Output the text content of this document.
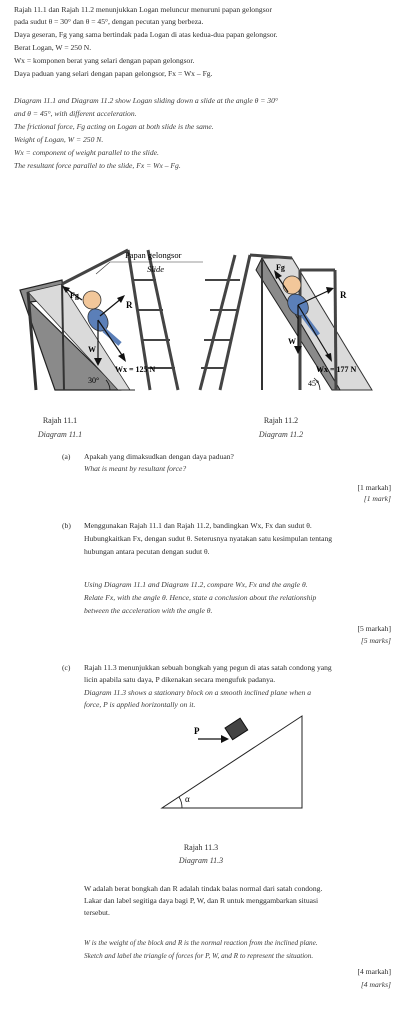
Rajah 11.1 dan Rajah 11.2 menunjukkan Logan meluncur menuruni papan gelongsor
pada sudut θ = 30° dan θ = 45°, dengan pecutan yang berbeza.
Daya geseran, Fg yang sama bertindak pada Logan di atas kedua-dua papan gelongsor.
Berat Logan, W = 250 N.
Wx = komponen berat yang selari dengan papan gelongsor.
Daya paduan yang selari dengan papan gelongsor, Fx = Wx – Fg.
Diagram 11.1 and Diagram 11.2 show Logan sliding down a slide at the angle θ = 30°
and θ = 45°, with different acceleration.
The frictional force, Fg acting on Logan at both slide is the same.
Weight of Logan, W = 250 N.
Wx = component of weight parallel to the slide.
The resultant force parallel to the slide, Fx = Wx – Fg.
Fg
R
W
Wx = 125 N
30°
Papan gelongsor
Slide	Fg
R
W
Wx = 177 N
45°
Rajah 11.1
Diagram 11.1
Rajah 11.2
Diagram 11.2
(a) Apakah yang dimaksudkan dengan daya paduan?
What is meant by resultant force?
[1 markah]
[1 mark]
(b) Menggunakan Rajah 11.1 dan Rajah 11.2, bandingkan Wx, Fx dan sudut θ.
Hubungkaitkan Fx, dengan sudut θ. Seterusnya nyatakan satu kesimpulan tentang
hubungan antara pecutan dengan sudut θ.
Using Diagram 11.1 and Diagram 11.2, compare Wx, Fx and the angle θ.
Relate Fx, with the angle θ. Hence, state a conclusion about the relationship
between the acceleration with the angle θ.
[5 markah]
[5 marks]
(c) Rajah 11.3 menunjukkan sebuah bongkah yang pegun di atas satah condong yang
licin apabila satu daya, P dikenakan secara mengufuk padanya.
Diagram 11.3 shows a stationary block on a smooth inclined plane when a
force, P is applied horizontally on it.
P
α
Rajah 11.3
Diagram 11.3
W adalah berat bongkah dan R adalah tindak balas normal dari satah condong.
Lakar dan label segitiga daya bagi P, W, dan R untuk menggambarkan situasi
tersebut.
W is the weight of the block and R is the normal reaction from the inclined plane.
Sketch and label the triangle of forces for P, W, and R to represent the situation.
[4 markah]
[4 marks]
